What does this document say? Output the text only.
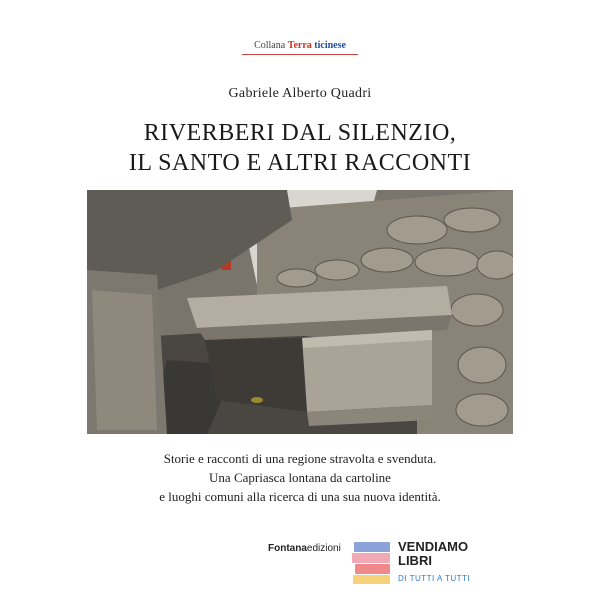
Collana Terra ticinese
Gabriele Alberto Quadri
RIVERBERI DAL SILENZIO,
IL SANTO E ALTRI RACCONTI
Storie e racconti di una regione stravolta e svenduta.
Una Capriasca lontana da cartoline
e luoghi comuni alla ricerca di una sua nuova identità.
Fontanaedizioni	VENDIAMO
LIBRI
DI TUTTI A TUTTI
